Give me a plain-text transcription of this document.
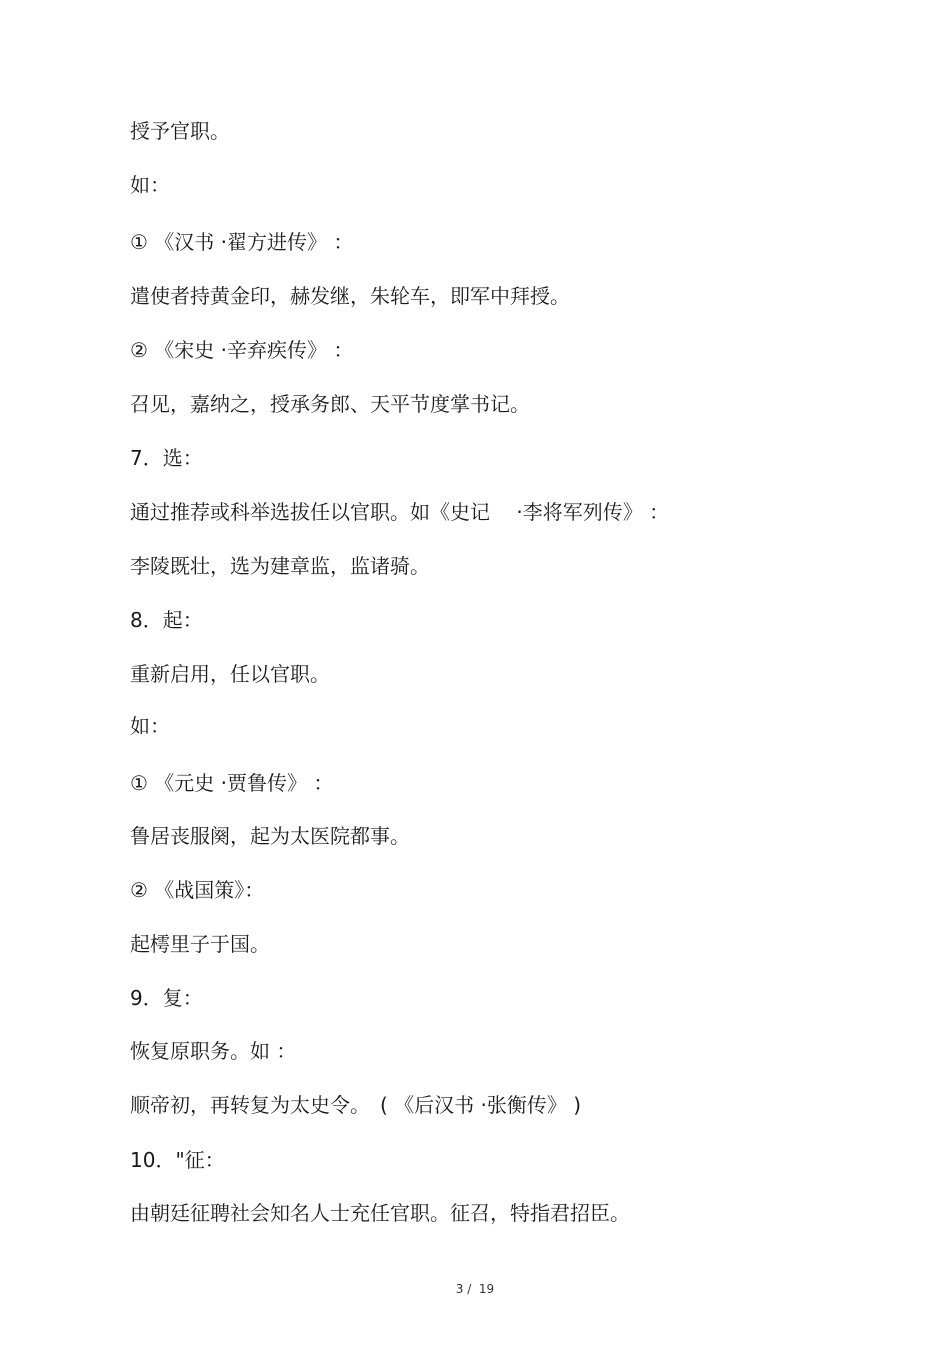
授予官职。
如：
① 《汉书 ·翟方进传》 ：
遣使者持黄金印，赫发继，朱轮车，即军中拜授。
② 《宋史 ·辛弃疾传》 ：
召见，嘉纳之，授承务郎、天平节度掌书记。
7．选：
通过推荐或科举选拔任以官职。如《史记　 ·李将军列传》 ：
李陵既壮，选为建章监，监诸骑。
8．起：
重新启用，任以官职。
如：
① 《元史 ·贾鲁传》 ：
鲁居丧服阕，起为太医院都事。
② 《战国策》：
起樗里子于国。
9．复：
恢复原职务。如 ：
顺帝初，再转复为太史令。　( 《后汉书 ·张衡传》 )
10．"征：
由朝廷征聘社会知名人士充任官职。征召，特指君招臣。
3 /  19
